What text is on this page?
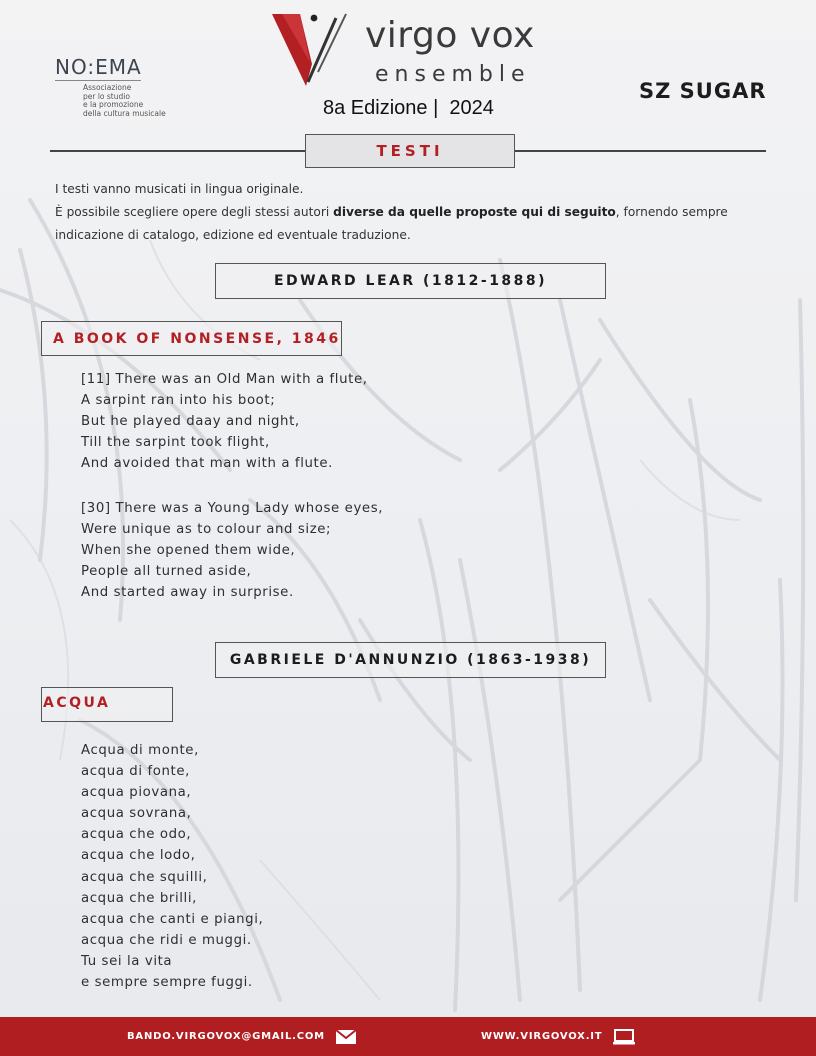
NO:EMA
Associazione
per lo studio
e la promozione
della cultura musicale
virgo vox
ensemble
8a Edizione |  2024
SZ SUGAR
TESTI

I testi vanno musicati in lingua originale.

È possibile scegliere opere degli stessi autori diverse da quelle proposte qui di seguito, fornendo sempre

indicazione di catalogo, edizione ed eventuale traduzione.

EDWARD LEAR (1812-1888)
A BOOK OF NONSENSE, 1846
[11] There was an Old Man with a flute,
A sarpint ran into his boot;
But he played daay and night,
Till the sarpint took flight,
And avoided that man with a flute.
[30] There was a Young Lady whose eyes,
Were unique as to colour and size;
When she opened them wide,
People all turned aside,
And started away in surprise.
GABRIELE D'ANNUNZIO (1863-1938)
ACQUA
Acqua di monte,
acqua di fonte,
acqua piovana,
acqua sovrana,
acqua che odo,
acqua che lodo,
acqua che squilli,
acqua che brilli,
acqua che canti e piangi,
acqua che ridi e muggi.
Tu sei la vita
e sempre sempre fuggi.
BANDO.VIRGOVOX@GMAIL.COM	WWW.VIRGOVOX.IT
